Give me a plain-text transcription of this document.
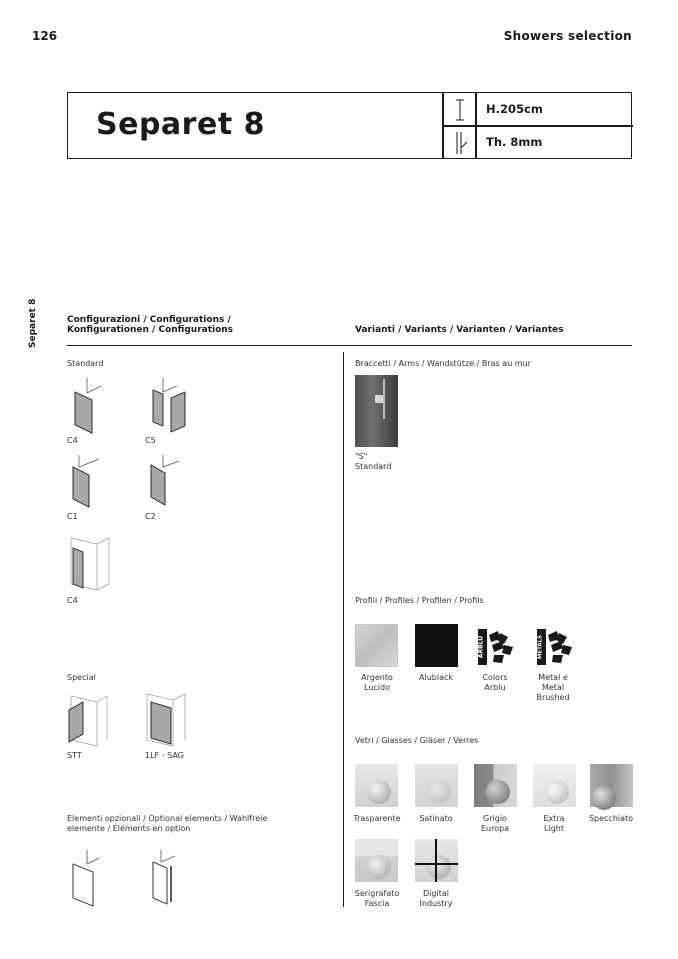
126	Showers selection
Separet 8	H.205cm
Th. 8mm
Separet 8	Configurazioni / Configurations /
Konfigurationen / Configurations	Varianti / Variants / Varianten / Variantes
Standard
C4	C5
C1	C2
C4
Special
STT	1LF - SAG
Elementi opzionali / Optional elements / Wahlfreie
elemente / Éléments en option
Braccetti / Arms / Wandstütze / Bras au mur
"S"
Standard
Profili / Profiles / Profilen / Profils
ARBLU	METALS
Argento
Lucido
Alublack	Colors
Arblu
Metal e
Metal
Brushed
Vetri / Glasses / Gläser / Verres
Trasparente	Satinato	Grigio
Europa
Extra
Light
Specchiato
Serigrafato
Fascia
Digital
Industry
